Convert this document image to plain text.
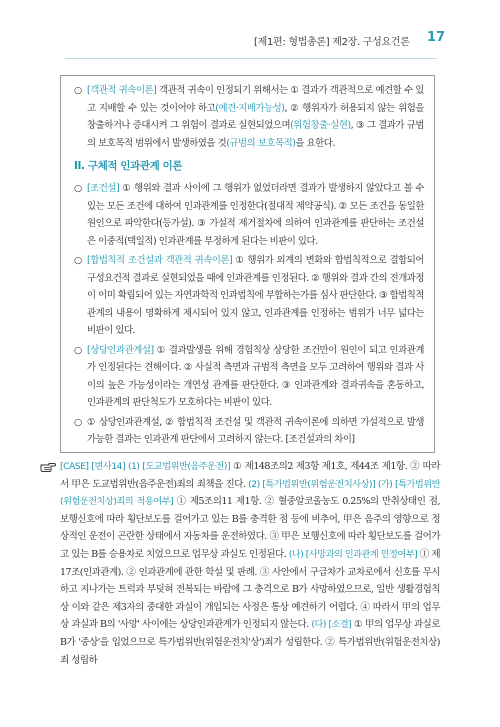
[제1편: 형법총론] 제2장. 구성요건론 17

○ [객관적 귀속이론] 객관적 귀속이 인정되기 위해서는 ① 결과가 객관적으로 예견할 수 있고 지배할 수 있는 것이어야 하고(예견·지배가능성), ② 행위자가 허용되지 않는 위험을 창출하거나 증대시켜 그 위험이 결과로 실현되었으며(위험창출·실현), ③ 그 결과가 규범의 보호목적 범위에서 발생하였을 것(규범의 보호목적)을 요한다.

II. 구체적 인과관계 이론

○ [조건설] ① 행위와 결과 사이에 그 행위가 없었더라면 결과가 발생하지 않았다고 볼 수 있는 모든 조건에 대하여 인과관계를 인정한다(절대적 제약공식). ② 모든 조건을 동일한 원인으로 파악한다(등가설). ③ 가설적 제거절차에 의하여 인과관계를 판단하는 조건설은 이중적(택일적) 인과관계를 부정하게 된다는 비판이 있다.

○ [합법칙적 조건설과 객관적 귀속이론] ① 행위가 외계의 변화와 합법칙적으로 결합되어 구성요건적 결과로 실현되었을 때에 인과관계를 인정된다. ② 행위와 결과 간의 전개과정이 이미 확립되어 있는 자연과학적 인과법칙에 부합하는가를 심사 판단한다. ③ 합법칙적 관계의 내용이 명확하게 제시되어 있지 않고, 인과관계를 인정하는 범위가 너무 넓다는 비판이 있다.

○ [상당인과관계설] ① 결과발생을 위해 경험칙상 상당한 조건만이 원인이 되고 인과관계가 인정된다는 견해이다. ② 사실적 측면과 규범적 측면을 모두 고려하여 행위와 결과 사이의 높은 가능성이라는 개연성 관계를 판단한다. ③ 인과관계와 결과귀속을 혼동하고, 인과관계의 판단척도가 모호하다는 비판이 있다.

○ ① 상당인과관계설, ② 합법칙적 조건설 및 객관적 귀속이론에 의하면 가설적으로 발생 가능한 결과는 인과관계 판단에서 고려하지 않는다. [조건설과의 차이]

[CASE] [변사14] (1) [도교법위반(음주운전)] ① 제148조의2 제3항 제1호, 제44조 제1항. ② 따라서 甲은 도교법위반(음주운전)죄의 죄책을 진다. (2) [특가법위반(위험운전치사상)] (가) [특가법위반(위험운전치상)죄의 적용여부] ① 제5조의11 제1항. ② 혈중알코올농도 0.25%의 만취상태인 점, 보행신호에 따라 횡단보도를 걸어가고 있는 B를 충격한 점 등에 비추어, 甲은 음주의 영향으로 정상적인 운전이 곤란한 상태에서 자동차를 운전하였다. ③ 甲은 보행신호에 따라 횡단보도를 걸어가고 있는 B를 승용차로 치었으므로 업무상 과실도 인정된다. (나) [사망과의 인과관계 인정여부] ① 제17조(인과관계). ② 인과관계에 관한 학설 및 판례. ③ 사안에서 구급차가 교차로에서 신호를 무시하고 지나가는 트럭과 부딪혀 전복되는 바람에 그 충격으로 B가 사망하였으므로, 일반 생활경험칙상 이와 같은 제3자의 중대한 과실이 개입되는 사정은 통상 예견하기 어렵다. ④ 따라서 甲의 업무상 과실과 B의 '사망' 사이에는 상당인과관계가 인정되지 않는다. (다) [소결] ① 甲의 업무상 과실로 B가 '중상'을 입었으므로 특가법위반(위험운전치'상')죄가 성립한다. ② 특가법위반(위험운전치상)죄 성립하
